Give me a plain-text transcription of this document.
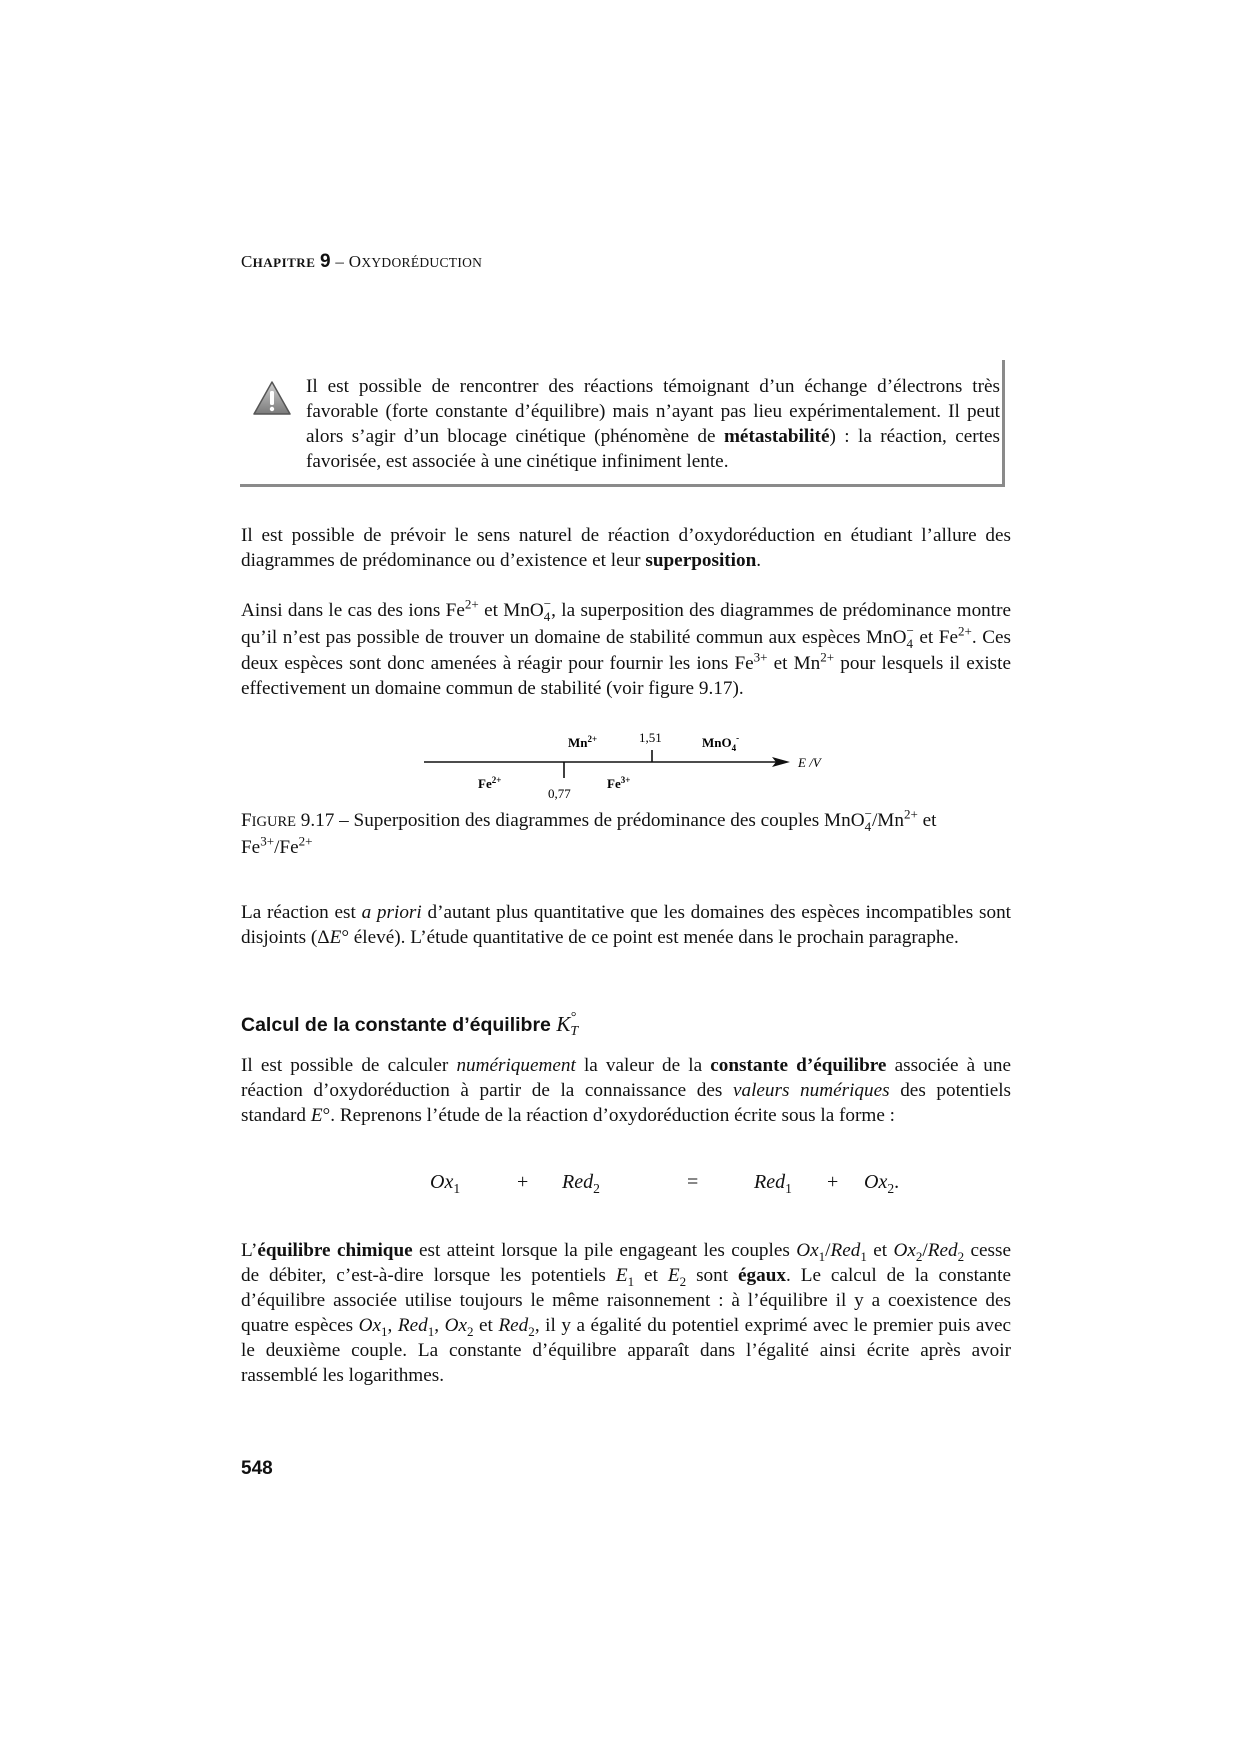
CHAPITRE 9 – OXYDORÉDUCTION
Il est possible de rencontrer des réactions témoignant d’un échange d’électrons très favorable (forte constante d’équilibre) mais n’ayant pas lieu expérimentalement. Il peut alors s’agir d’un blocage cinétique (phénomène de métastabilité) : la réaction, certes favorisée, est associée à une cinétique infiniment lente.
Il est possible de prévoir le sens naturel de réaction d’oxydoréduction en étudiant l’allure des diagrammes de prédominance ou d’existence et leur superposition.
Ainsi dans le cas des ions $Fe^{2+}$ et MnO −
4 , la superposition des diagrammes de prédominance montre qu’il n’est pas possible de trouver un domaine de stabilité commun aux espèces MnO −
4 et $Fe^{2+}$. Ces deux espèces sont donc amenées à réagir pour fournir les ions $Fe^{3+}$ et $Mn^{2+}$ pour lesquels il existe effectivement un domaine commun de stabilité (voir figure 9.17).
$Mn^{2+}$	1,51	MnO$_4$-
E /V
$Fe^{2+}$
0,77
$Fe^{3+}$
FIGURE 9.17 – Superposition des diagrammes de prédominance des couples MnO −
4 $/Mn^{2+}$ et $Fe^{3+}/Fe^{2+}$
La réaction est a priori d’autant plus quantitative que les domaines des espèces incompatibles sont disjoints (ΔE° élevé). L’étude quantitative de ce point est menée dans le prochain paragraphe.
Calcul de la constante d’équilibre K °
T
Il est possible de calculer numériquement la valeur de la constante d’équilibre associée à une réaction d’oxydoréduction à partir de la connaissance des valeurs numériques des potentiels standard E°. Reprenons l’étude de la réaction d’oxydoréduction écrite sous la forme :
$Ox_1$	+ Red$_2$	=	$Red_1 + Ox_2$.
L’équilibre chimique est atteint lorsque la pile engageant les couples $Ox_1/Red_1$ et $Ox_2/Red_2$ cesse de débiter, c’est-à-dire lorsque les potentiels $E_1$ et $E_2$ sont égaux. Le calcul de la constante d’équilibre associée utilise toujours le même raisonnement : à l’équilibre il y a coexistence des quatre espèces $Ox_1$, Red$_1$, $Ox_2$ et Red$_2$, il y a égalité du potentiel exprimé avec le premier puis avec le deuxième couple. La constante d’équilibre apparaît dans l’égalité ainsi écrite après avoir rassemblé les logarithmes.
548
